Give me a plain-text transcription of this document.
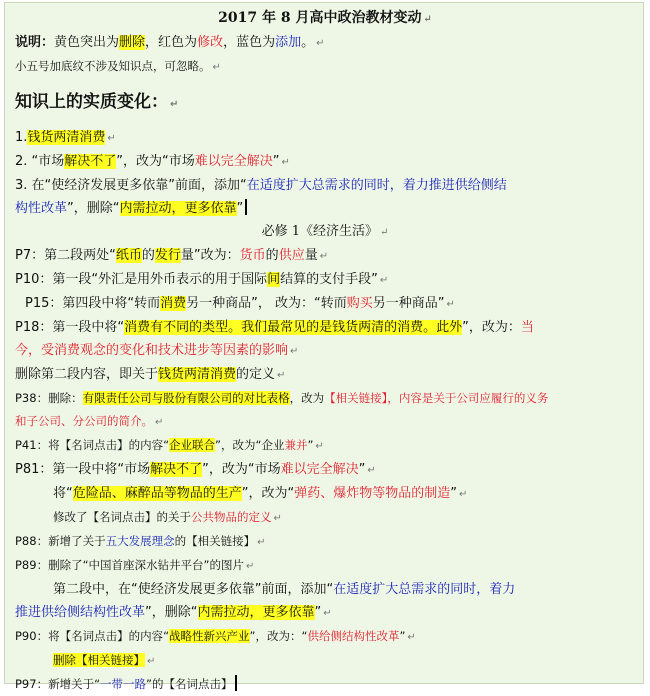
2017 年 8 月高中政治教材变动 ↵
说明：黄色突出为删除，红色为修改，蓝色为添加。 ↵
小五号加底纹不涉及知识点，可忽略。 ↵
知识上的实质变化： ↵
1.钱货两清消费 ↵
2. “市场解决不了”，改为“市场难以完全解决” ↵
3. 在“使经济发展更多依靠”前面，添加“在适度扩大总需求的同时，着力推进供给侧结
构性改革”，删除“内需拉动，更多依靠”
必修 1《经济生活》 ↵
P7：第二段两处“纸币的发行量”改为：货币的供应量 ↵
P10：第一段“外汇是用外币表示的用于国际间结算的支付手段” ↵
P15：第四段中将“转而消费另一种商品”， 改为：“转而购买另一种商品” ↵
P18：第一段中将“消费有不同的类型。我们最常见的是钱货两清的消费。此外”，改为：当
今，受消费观念的变化和技术进步等因素的影响 ↵
删除第二段内容，即关于钱货两清消费的定义 ↵
P38：删除：有限责任公司与股份有限公司的对比表格，改为【相关链接】，内容是关于公司应履行的义务
和子公司、分公司的简介。 ↵
P41：将【名词点击】的内容“企业联合”，改为“企业兼并” ↵
P81：第一段中将“市场解决不了”，改为“市场难以完全解决” ↵
将“危险品、麻醉品等物品的生产”，改为“弹药、爆炸物等物品的制造” ↵
修改了【名词点击】的关于公共物品的定义 ↵
P88：新增了关于五大发展理念的【相关链接】 ↵
P89：删除了“中国首座深水钻井平台”的图片 ↵
第二段中，在“使经济发展更多依靠”前面，添加“在适度扩大总需求的同时，着力
推进供给侧结构性改革”，删除“内需拉动，更多依靠” ↵
P90：将【名词点击】的内容“战略性新兴产业”，改为：“供给侧结构性改革” ↵
删除【相关链接】 ↵
P97：新增关于“一带一路”的【名词点击】
